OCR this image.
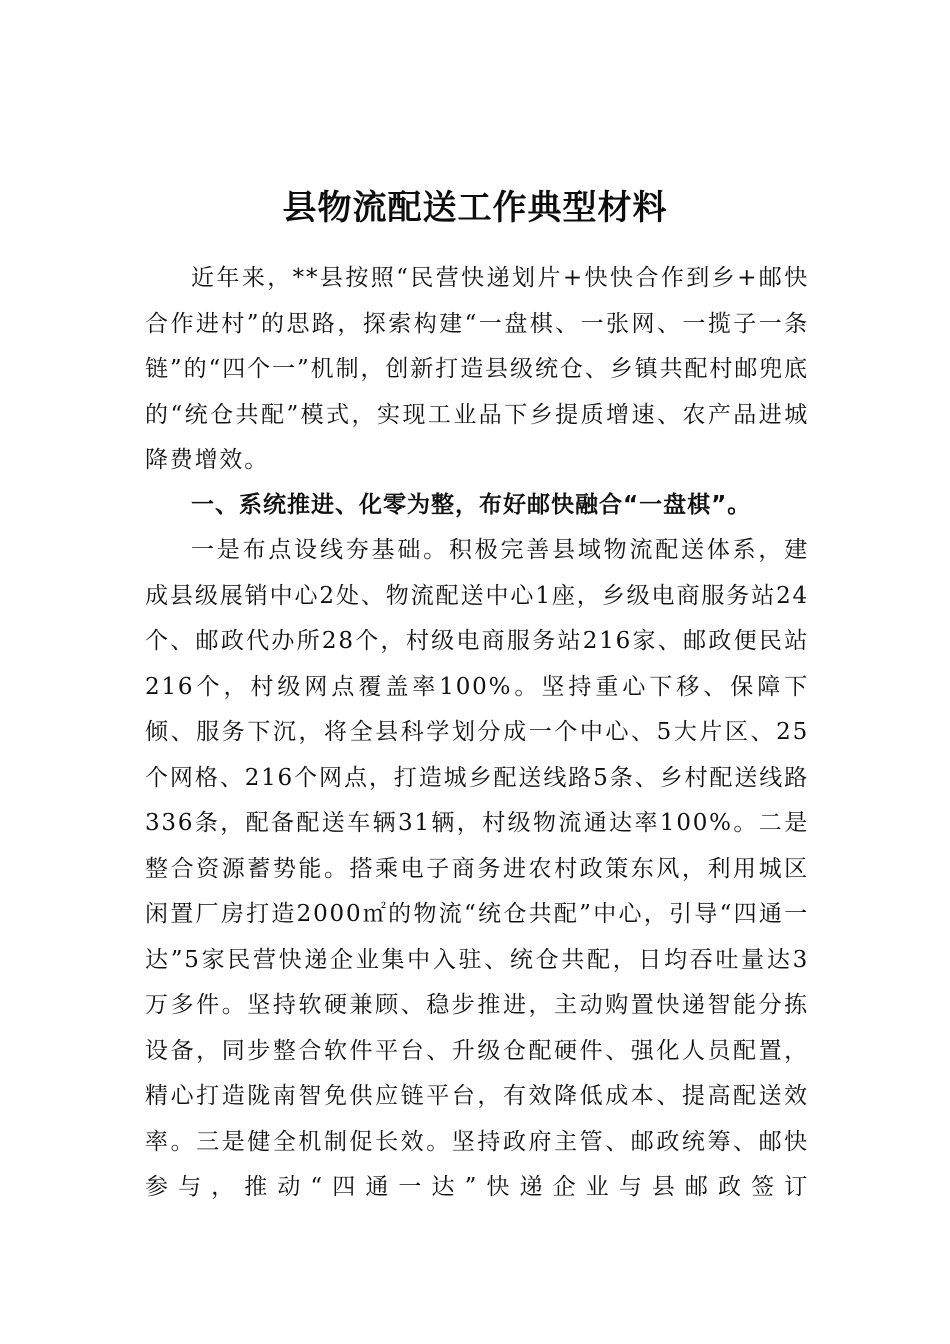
县物流配送工作典型材料

近年来，**县按照“民营快递划片+快快合作到乡+邮快合作进村”的思路，探索构建“一盘棋、一张网、一揽子一条链”的“四个一”机制，创新打造县级统仓、乡镇共配村邮兜底的“统仓共配”模式，实现工业品下乡提质增速、农产品进城降费增效。

一、系统推进、化零为整，布好邮快融合“一盘棋”。

一是布点设线夯基础。积极完善县域物流配送体系，建成县级展销中心2处、物流配送中心1座，乡级电商服务站24个、邮政代办所28个，村级电商服务站216家、邮政便民站216个，村级网点覆盖率100%。坚持重心下移、保障下倾、服务下沉，将全县科学划分成一个中心、5大片区、25个网格、216个网点，打造城乡配送线路5条、乡村配送线路336条，配备配送车辆31辆，村级物流通达率100%。二是整合资源蓄势能。搭乘电子商务进农村政策东风，利用城区闲置厂房打造2000㎡的物流“统仓共配”中心，引导“四通一达”5家民营快递企业集中入驻、统仓共配，日均吞吐量达3万多件。坚持软硬兼顾、稳步推进，主动购置快递智能分拣设备，同步整合软件平台、升级仓配硬件、强化人员配置，精心打造陇南智免供应链平台，有效降低成本、提高配送效率。三是健全机制促长效。坚持政府主管、邮政统筹、邮快参与，推动“四通一达”快递企业与县邮政签订
